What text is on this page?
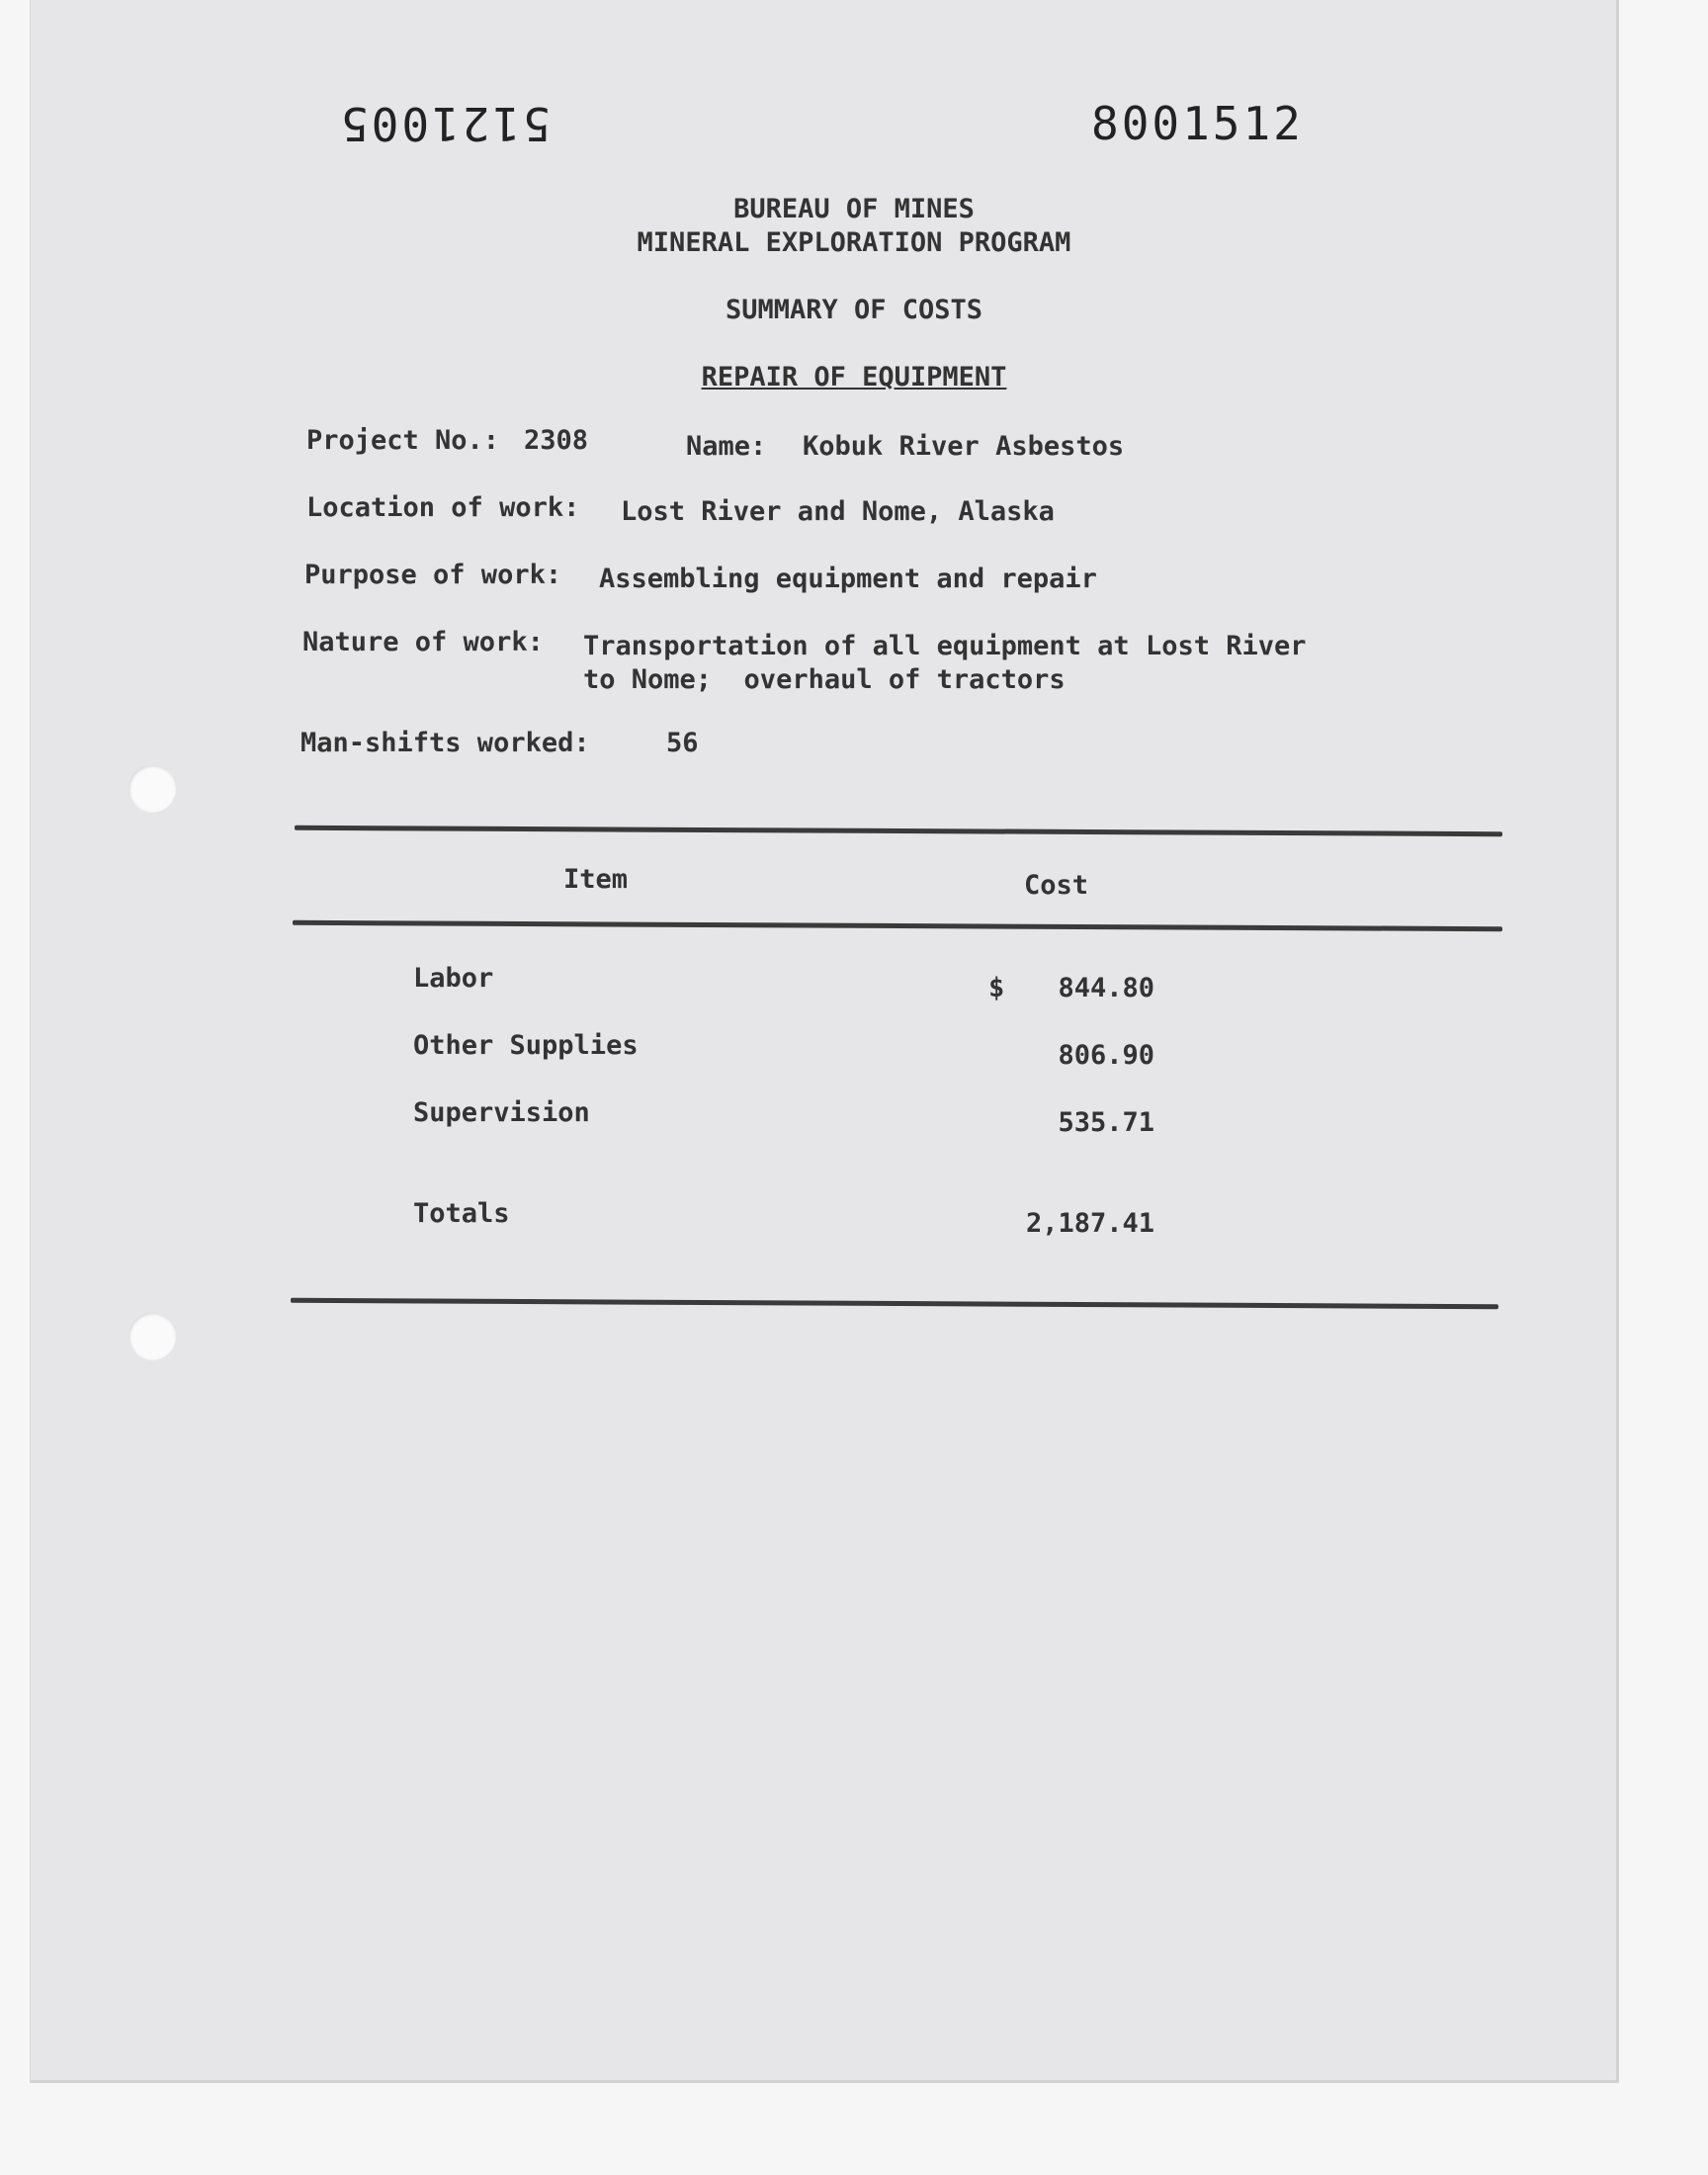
5121005	8001512
BUREAU OF MINES
MINERAL EXPLORATION PROGRAM
SUMMARY OF COSTS
REPAIR OF EQUIPMENT
Project No.: 2308	Name: Kobuk River Asbestos
Location of work: Lost River and Nome, Alaska
Purpose of work: Assembling equipment and repair
Nature of work: Transportation of all equipment at Lost River
to Nome;  overhaul of tractors
Man-shifts worked:	56
Item	Cost
$
Labor	844.80
Other Supplies	806.90
Supervision	535.71
Totals	2,187.41
